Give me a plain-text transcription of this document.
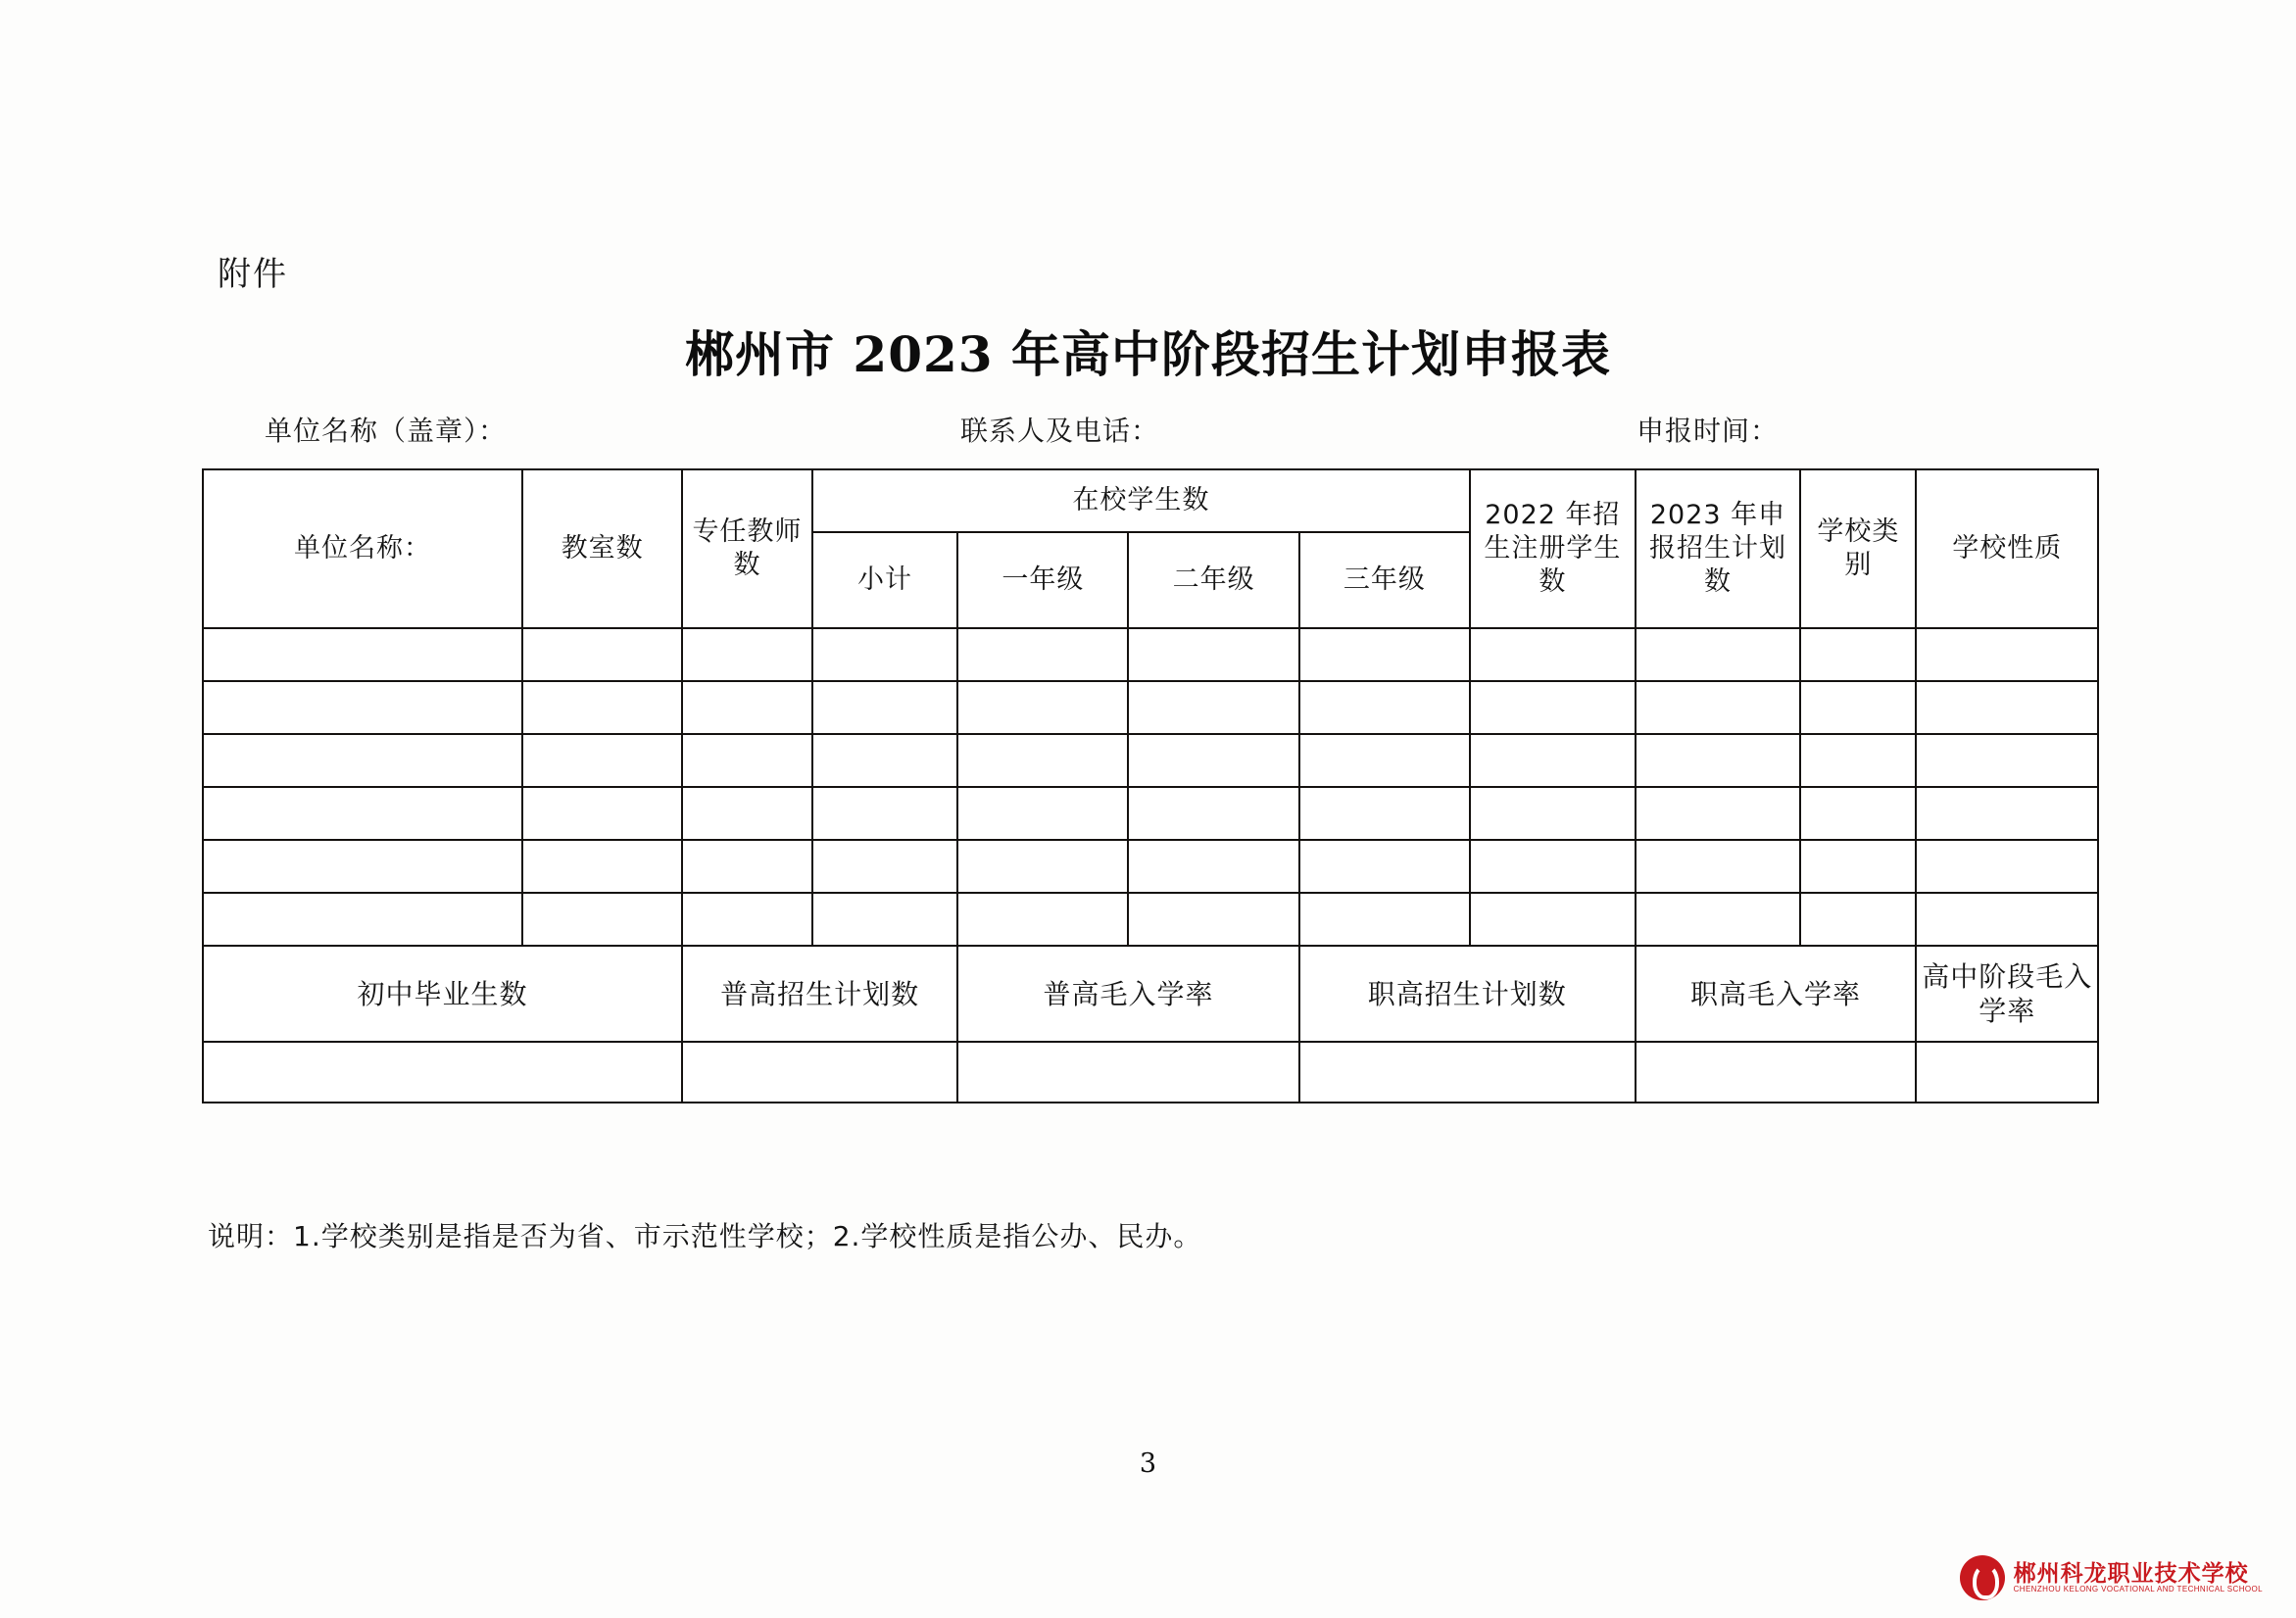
附件
郴州市 2023 年高中阶段招生计划申报表
单位名称（盖章）：	联系人及电话：	申报时间：
单位名称：	教室数	专任教师数	在校学生数				2022 年招生注册学生数	2023 年申报招生计划数	学校类别	学校性质
			小计	一年级	二年级	三年级				

初中毕业生数		普高招生计划数		普高毛入学率		职高招生计划数		职高毛入学率		高中阶段毛入学率

说明：1.学校类别是指是否为省、市示范性学校；2.学校性质是指公办、民办。
3
郴州科龙职业技术学校
CHENZHOU KELONG VOCATIONAL AND TECHNICAL SCHOOL
